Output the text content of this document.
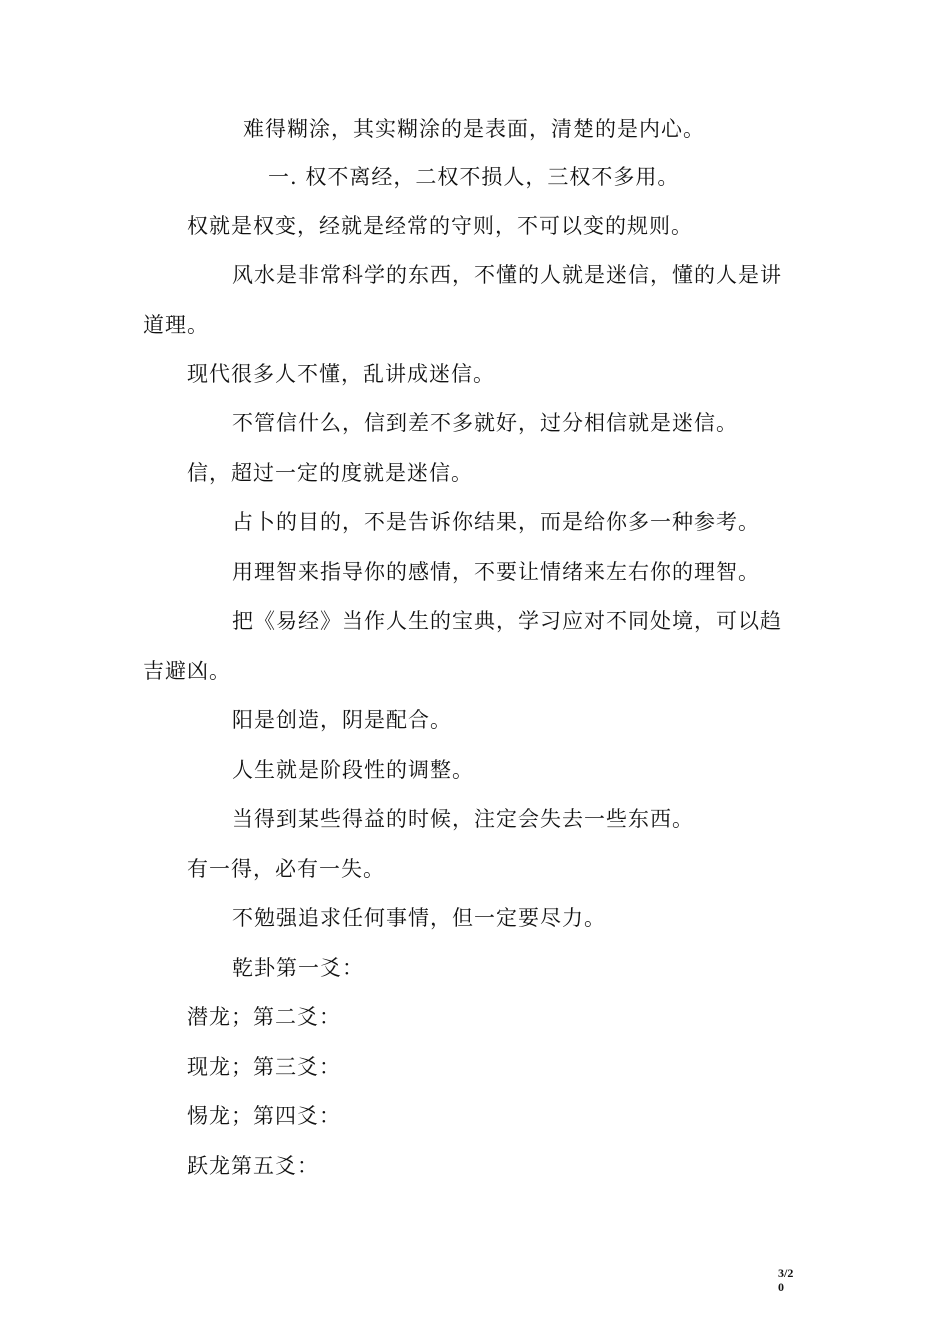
难得糊涂，其实糊涂的是表面，清楚的是内心。
一. 权不离经，二权不损人，三权不多用。
权就是权变，经就是经常的守则，不可以变的规则。
风水是非常科学的东西，不懂的人就是迷信，懂的人是讲
道理。
现代很多人不懂，乱讲成迷信。
不管信什么，信到差不多就好，过分相信就是迷信。
信，超过一定的度就是迷信。
占卜的目的，不是告诉你结果，而是给你多一种参考。
用理智来指导你的感情，不要让情绪来左右你的理智。
把《易经》当作人生的宝典，学习应对不同处境，可以趋
吉避凶。
阳是创造，阴是配合。
人生就是阶段性的调整。
当得到某些得益的时候，注定会失去一些东西。
有一得，必有一失。
不勉强追求任何事情，但一定要尽力。
乾卦第一爻：
潜龙；第二爻：
现龙；第三爻：
惕龙；第四爻：
跃龙第五爻：
3/20
